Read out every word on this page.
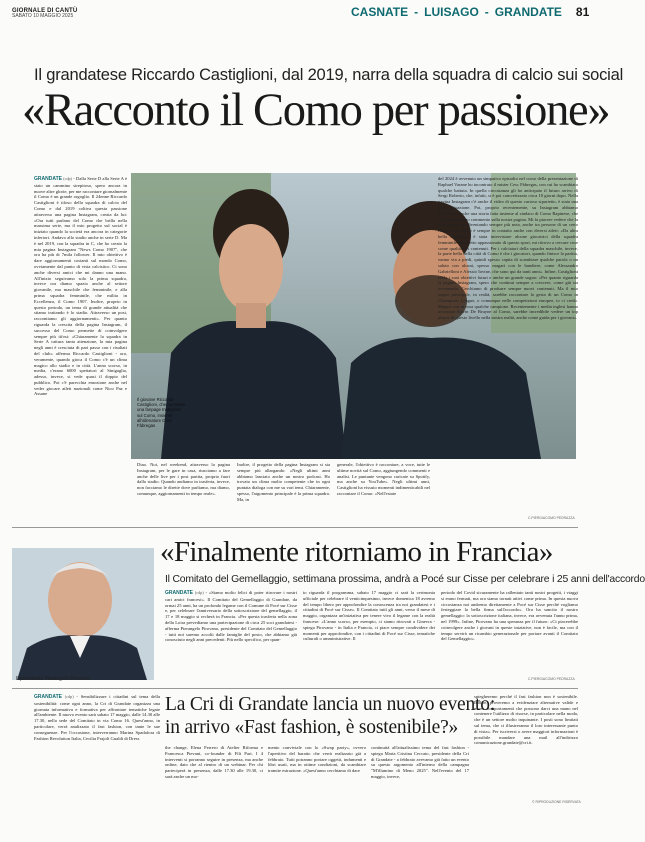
GIORNALE DI CANTÙ
SABATO 10 MAGGIO 2025	CASNATE - LUISAGO - GRANDATE 81
Il grandatese Riccardo Castiglioni, dal 2019, narra della squadra di calcio sui social
«Racconto il Como per passione»
GRANDATE (cdp) - Dalla Serie D alla Serie A è stato un cammino strepitoso, spero ancora in nuove altre glorie, per me raccontare giornalmente il Como è un grande orgoglio. Il 24enne Riccardo Castiglioni è tifoso della squadra di calcio del Como e dal 2019 coltiva questa passione attraverso una pagina Instagram, creata da lui: «Ora tutti parlano del Como che brilla nella massima serie, ma il mio progetto sul social è iniziato quando la società era ancora in categorie inferiori. Andavo allo stadio anche in serie D. Ma è nel 2019, con la squadra in C, che ho creato la mia pagina Instagram "News Como 1907", che ora ha più di 7mila follower. Il mio obiettivo è dare aggiornamenti costanti sul mondo Como, ovviamente dal punto di vista calcistico. Ci sono anche diversi amici che mi danno una mano. All'inizio seguivamo solo la prima squadra, invece ora diamo spazio anche al settore giovanile, ma maschile che femminile, e alla prima squadra femminile, che milita in Eccellenza, il Como 1907. Inoltre, proprio in questo periodo, un tema di grande attualità che stiamo trattando è lo stadio. Attraverso un post, raccontiamo gli aggiornamenti». Per quanto riguarda la crescita della pagina Instagram, il successo del Como permette di coinvolgere sempre più tifosi: «Chiaramente la squadra in Serie A cattura tanta attenzione, la mia pagina negli anni è cresciuta di pari passo con i risultati del club» afferma Riccardo Castiglioni - ora, veramente, quando gioca il Como c'è un clima magico allo stadio e in città. L'anno scorso, in media, c'erano 6000 spettatori al Sinigaglia, adesso, invece, si vede quasi il doppio del pubblico. Poi c'è parecchia emozione anche nel veder giocare atleti nazionali come Nico Paz e Assane
Il giovane Riccardo Castiglioni, che ha creato una fanpage Instagram sul Como, insieme all'allenatore Cesc Fàbregas
Diao. Noi, nel weekend, attraverso la pagina Instagram, per le gare in casa, riusciamo a fare anche delle live per i post partita, proprio fuori dallo stadio. Quando andiamo in trasferta, invece, non facciamo le dirette dove parliamo, ma diamo, comunque, aggiornamenti in tempo reale».
Inoltre, il progetto della pagina Instagram si sta sempre più allargando: «Negli ultimi anni abbiamo lanciato anche un nostro podcast. Ho trovato un clima molto competente che in ogni puntata dialoga con me su vari temi. Chiaramente, spesso, l'argomento principale è la prima squadra. Ma, in
generale, l'obiettivo è raccontare, a voce, tutte le ultime novità sul Como, aggiungendo commenti e analisi. Le puntante vengono caricate su Spotify, ma anche su YouTube». Negli ultimi anni, Castiglioni ha vissuto momenti indimenticabili nel raccontare il Como: «Nell'estate
del 2024 è avvenuto un simpatico episodio nel corso della presentazione di Raphael Varane ho incontrato il mister Cesc Fàbregas, con cui ho scambiato qualche battuta. In quella circostanza gli ho anticipato il futuro arrivo di Sergi Roberto, che, infatti, si è poi concretizzato circa 10 giorni dopo. Nella pagina Instagram c'è anche il video di questo curioso siparietto, è stata una bella situazione. Poi, proprio recentemente, su Instagram abbiamo pubblicato anche una storia fatta insieme al sindaco di Como Rapinese, che ci ha fatto un suo commento sulla nostra pagina. Mi fa piacere vedere che la mia pagina sta diventando sempre più nota, anche tra persone di un certo rilievo». Riccardo è sempre in contatto anche con diversi atleti: «Da altra bella esperienza è stata intervistare alcune giocatrici della squadra femminile. Ammetto appassionato di questo sport, mi ritrovo a cercare cose come qualità dei contenuti. Per i calciatori della squadra maschile, invece, la parte bella della città di Como è che i giocatori, quando finisce la partita, vanno via a piedi, quindi spesso capita di scambiare qualche parola o un saluto con alcuni, spesso magari con le bandiere, come Alessandro Gabrielloni e Alessio Iovine, che sono qui da tanti anni». Infine, Castiglioni svela i suoi obiettivi futuri e anche un grande sogno: «Per quanto riguarda la pagina Instagram, spero che continui sempre a crescere, come già sta avvenendo. Cerchiamo di produrre sempre nuovi contenuti. Ma il mio sogno principale, in realtà, sarebbe raccontare la gesta di un Como in Champions League, o comunque nelle competizioni europee, io ci credo. Magari con in rosa qualche campione. Recentemente i media inglesi hanno accostato Kevin De Bruyne al Como, sarebbe incredibile vedere un top player di questo livello nella nostra realtà, anche come guida per i giovani».
C.PIERGIACOMO PEDRAZZA
Il presidente Pierangelo Pirovano
«Finalmente ritorniamo in Francia»
Il Comitato del Gemellaggio, settimana prossima, andrà a Pocé sur Cisse per celebrare i 25 anni dell'accordo
GRANDATE (cdp) - «Siamo molto felici di poter ritrovare i nostri cari amici francesi». Il Comitato del Gemellaggio di Grandate, da ormai 25 anni, ha un profondo legame con il Comune di Pocé sur Cisse e, per celebrare l'anniversario della sottoscrizione del gemellaggio, il 17 e 18 maggio si recherà in Francia. «Per questa trasferta nella zona della Loira prevediamo una partecipazione di circa 25 soci grandatesi - afferma Pierangelo Pirovano, presidente del Comitato del Gemellaggio - tutti noi saremo accolti dalle famiglie del posto, che abbiamo già conosciuto negli anni precedenti. Più nello specifico, per quan-
to riguarda il programma, sabato 17 maggio ci sarà la cerimonia ufficiale per celebrare il venticinquesimo, invece domenica 18 avremo del tempo libero per approfondire la conoscenza tra noi grandatesi e i cittadini di Pocé sur Cisse». Il Comitato tuttì gli anni, verso il mese di maggio, organizza un'iniziativa per tenere vivo il legame con la realtà francese: «L'anno scorso, per esempio, ci siamo ritrovati a Ginevra - spiega Pirovano - in Italia e Francia, ci piace sempre condividere dei momenti per approfondire, con i cittadini di Pocé sur Cisse, tematiche culturali o amministrative. Il
periodo del Covid sicuramente ha rallentato tanti nostri progetti, i viaggi si erano fermati, ma ora siamo tornati attivi come prima. In questa nuova circostanza noi andremo direttamente a Pocé sur Cisse perché vogliamo festeggiare la bella firma sull'accordo». Ora ha sancito il nostro gemellaggio: la sottoscrizione italiana, invece, era avvenuta l'anno prima, nel 1999». Infine, Pirovano ha una speranza per il futuro: «Ci piacerebbe coinvolgere anche i giovani in queste iniziative, non è facile, ma con il tempo servirà un ricambio generazionale per portare avanti il Comitato del Gemellaggio».
C.PIERGIACOMO PEDRAZZA
GRANDATE (cdp) - Sensibilizzare i cittadini sul tema della sostenibilità: come ogni anno, la Cri di Grandate organizza una giornata informativa e formativa per affrontare tematiche legate all'ambiente. Il nuovo evento sarà sabato 17 maggio, dalle 14.30 alle 17.30, nella sede del Comitato in via Como 16. Quest'anno, in particolare, verrà analizzato il fast fashion, con tante le sue conseguenze. Per l'occasione, interverranno Marina Spadafora di Fashion Revolution Italia, Cecilia Frajoli Gualdi di Dress
La Cri di Grandate lancia un nuovo evento:
in arrivo «Fast fashion, è sostenibile?»
the change, Elena Ferrero di Atelier Riforma e Francesca Pievani, co-founder di Fili Pari. I 4 interventi si porranno seguire in presenza, ma anche online, dato che al rientro di un webinar. Per chi parteciperà in presenza, dalle 17.30 alle 19.30, ci sarà anche un mo-
mento conviviale con lo «Swap party», ovvero l'aperitivo del baratto che verrà realizzato già a febbraio. Tutti potranno portare oggetti, indumenti e libri usati, ma in ottime condizioni, da scambiare tramite estrazione. «Quest'anno cerchiamo di dare
continuità all'attualissimo tema del fast fashion - spiega Maria Cristina Ceccato, presidente della Cri di Grandate - a febbraio avevamo già fatto un evento su questo argomento all'interno della campagna "M'illumino di Meno 2025". Nell'evento del 17 maggio, invece,
spiegheremo perché il fast fashion non è sostenibile. Inoltre, proveremo a evidenziare alternative valide e nuovi comportamenti che possono darci una mano nel contenere l'utilizzo di risorse, in particolare nella moda, che è un settore molto inquinante. I posti sono limitati sul tema, che ci illustreranno il loro interessante punto di vista». Per iscriversi o avere maggiori informazioni è possibile mandare una mail all'indirizzo comunicazione.grandate@cri.it.
© RIPRODUZIONE RISERVATA
